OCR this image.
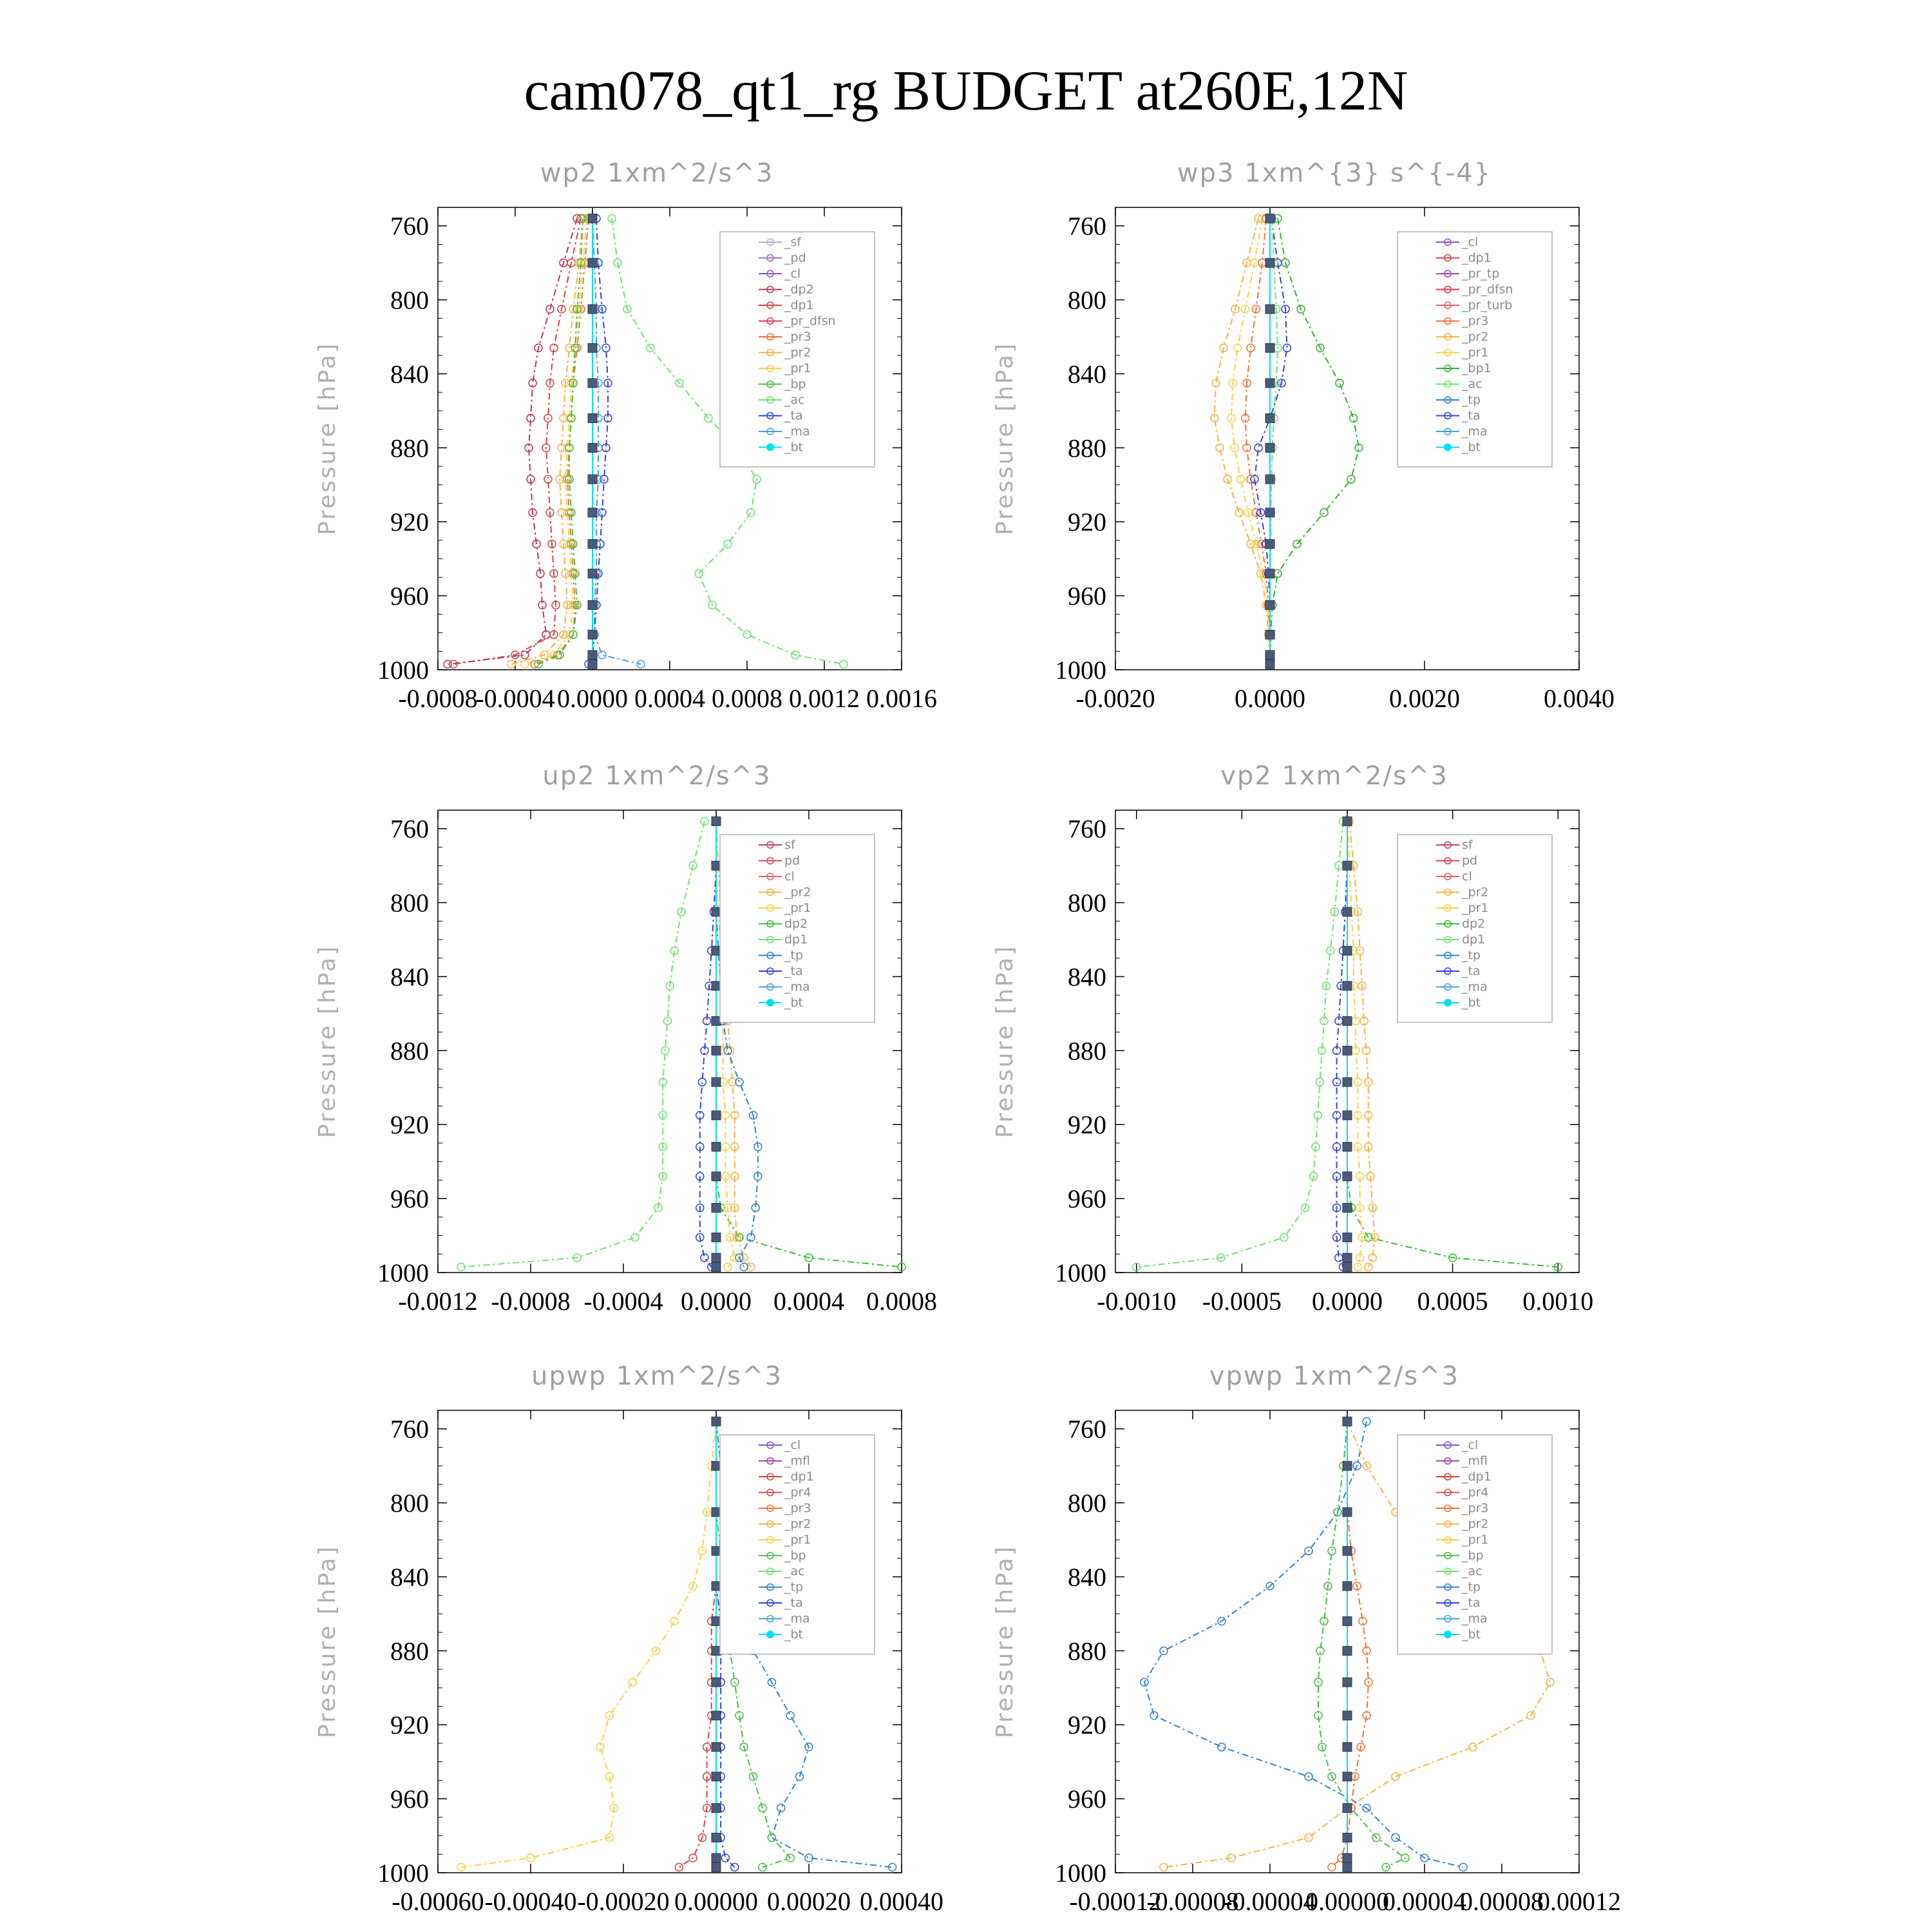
cam078_qt1_rg BUDGET at260E,12N
wp2 1xm^2/s^3
Pressure [hPa]
760
800
840
880
920
960
1000
-0.0008
-0.0004 0.0000 0.0004 0.0008 0.0012 0.0016
_sf
_pd
_cl
_dp2
_dp1
_pr_dfsn
_pr3
_pr2
_pr1
_bp
_ac
_ta
_ma
_bt
wp3 1xm^{3} s^{-4}
Pressure [hPa]
760
800
840
880
920
960
1000
-0.0020	0.0000	0.0020	0.0040
_cl
_dp1
_pr_tp
_pr_dfsn
_pr_turb
_pr3
_pr2
_pr1
_bp1
_ac
_tp
_ta
_ma
_bt
up2 1xm^2/s^3
Pressure [hPa]
760
800
840
880
920
960
1000
-0.0012 -0.0008 -0.0004 0.0000 0.0004 0.0008
sf
pd
cl
_pr2
_pr1
dp2
dp1
_tp
_ta
_ma
_bt
vp2 1xm^2/s^3
Pressure [hPa]
760
800
840
880
920
960
1000
-0.0010 -0.0005 0.0000 0.0005 0.0010
sf
pd
cl
_pr2
_pr1
dp2
dp1
_tp
_ta
_ma
_bt
upwp 1xm^2/s^3
Pressure [hPa]
760
800
840
880
920
960
1000
-0.00060 -0.00040 -0.00020 0.00000 0.00020 0.00040
_cl
_mfl
_dp1
_pr4
_pr3
_pr2
_pr1
_bp
_ac
_tp
_ta
_ma
_bt
vpwp 1xm^2/s^3
Pressure [hPa]
760
800
840
880
920
960
1000
-0.00012
-0.00008
-0.00004
0.00000
0.00004
0.00008
0.00012
_cl
_mfl
_dp1
_pr4
_pr3
_pr2
_pr1
_bp
_ac
_tp
_ta
_ma
_bt
